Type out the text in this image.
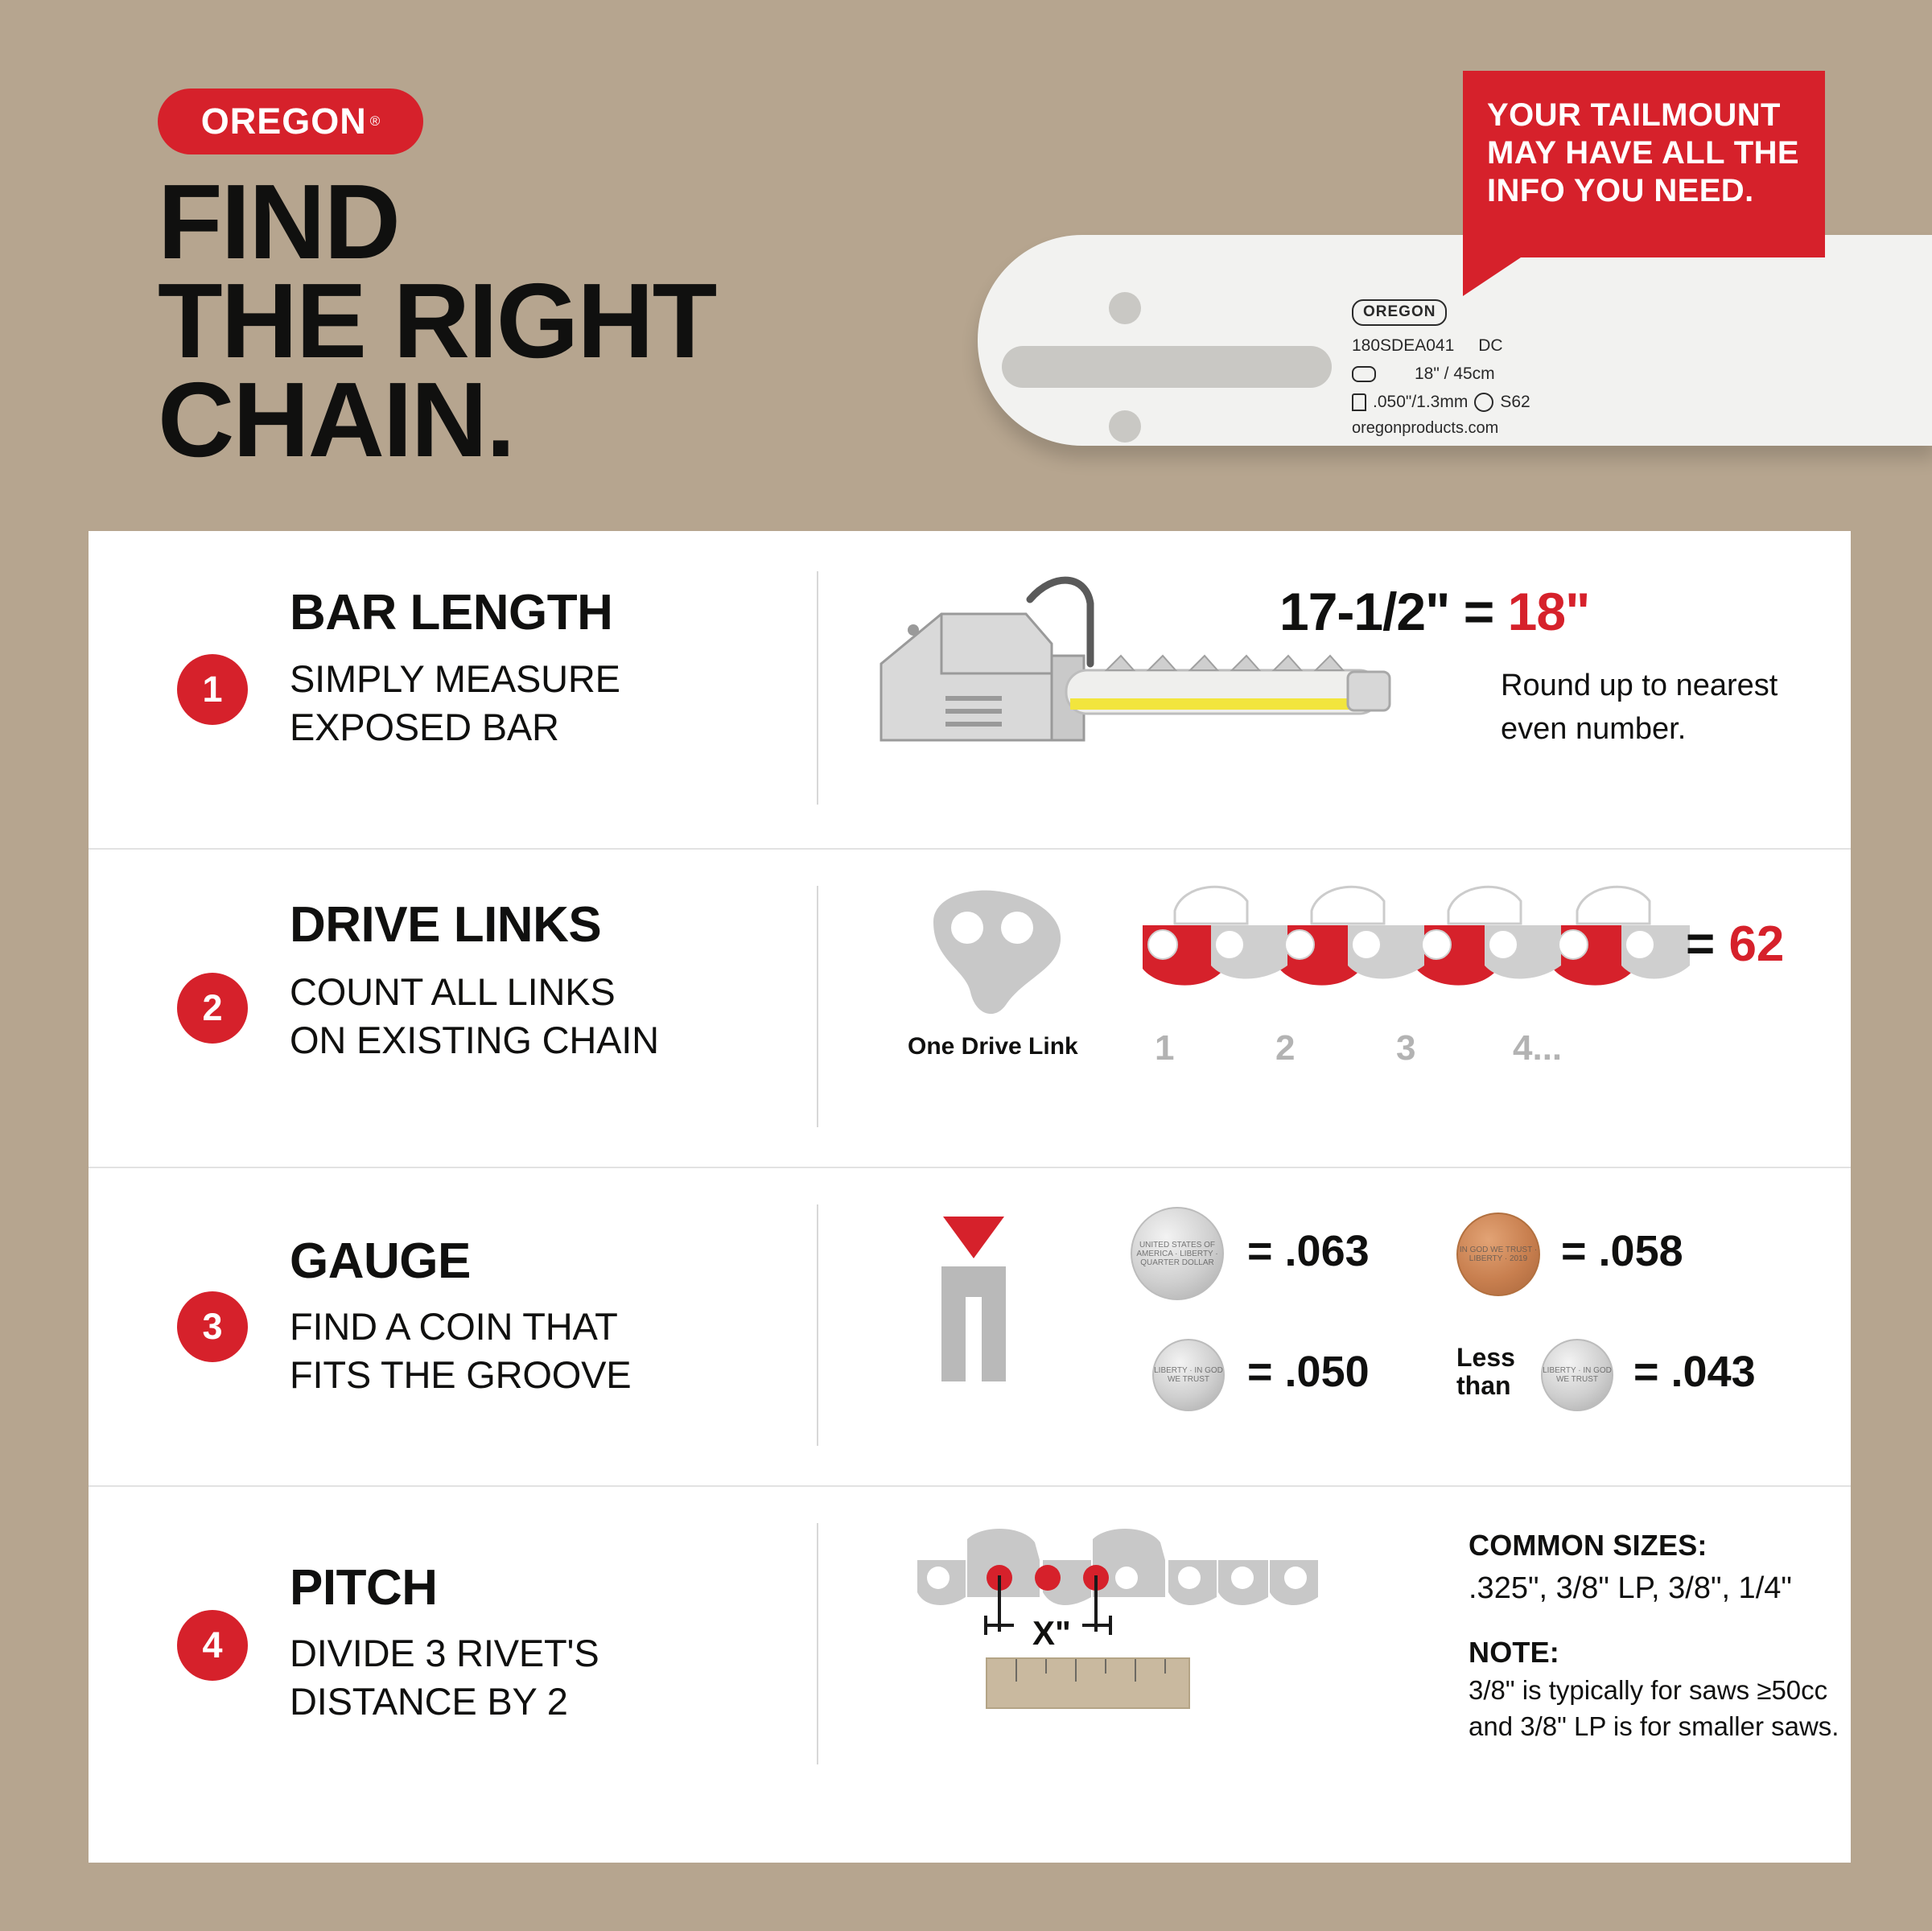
OREGON ®
FIND
THE RIGHT
CHAIN.
OREGON
180SDEA041 DC
18" / 45cm
.050"/1.3mm S62
oregonproducts.com
YOUR TAILMOUNT MAY HAVE ALL THE INFO YOU NEED.
1
BAR LENGTH
SIMPLY MEASURE
EXPOSED BAR
17-1/2" = 18"
Round up to nearest
even number.
2
DRIVE LINKS
COUNT ALL LINKS
ON EXISTING CHAIN	One Drive Link 1	2	3	4...
= 62
3
GAUGE
FIND A COIN THAT
FITS THE GROOVE
UNITED STATES OF AMERICA · LIBERTY · QUARTER DOLLAR = .063	IN GOD WE TRUST · LIBERTY · 2019 = .058
LIBERTY · IN GOD WE TRUST = .050	Less
than
LIBERTY · IN GOD WE TRUST = .043
4
PITCH
DIVIDE 3 RIVET'S
DISTANCE BY 2
X"
COMMON SIZES:
.325", 3/8" LP, 3/8", 1/4"
NOTE:
3/8" is typically for saws ≥50cc
and 3/8" LP is for smaller saws.
